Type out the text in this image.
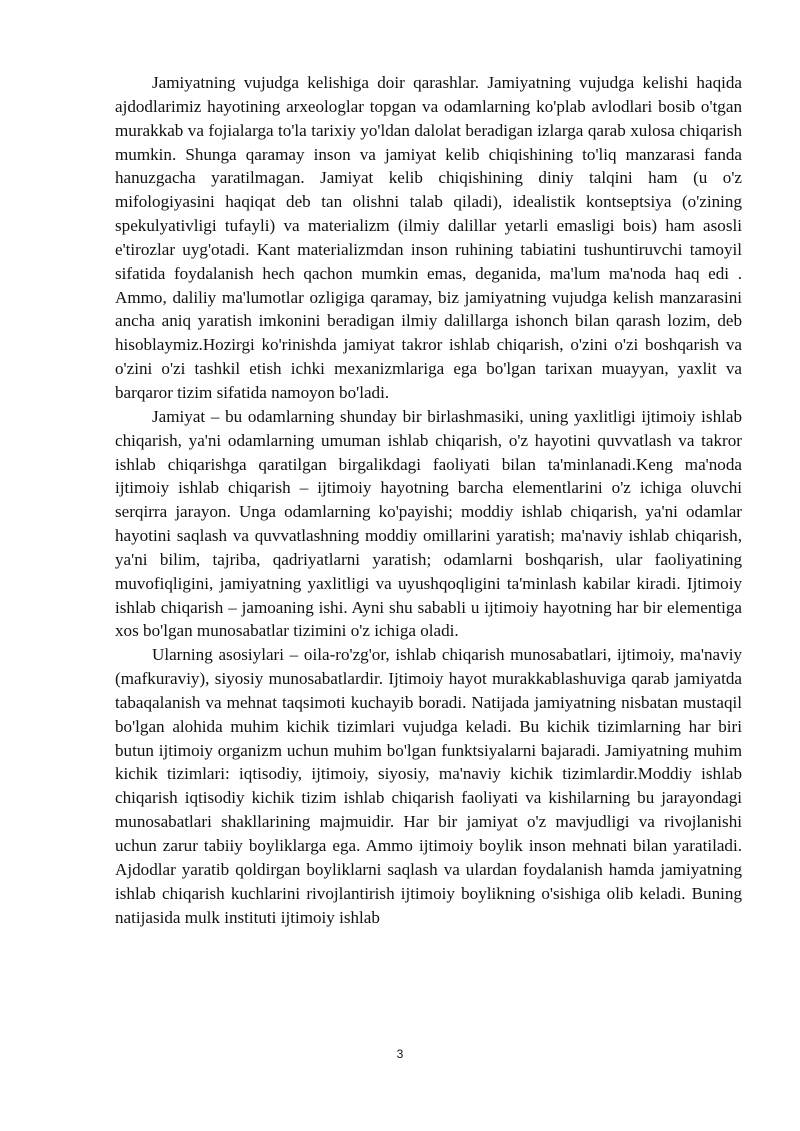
Jamiyatning vujudga kelishiga doir qarashlar. Jamiyatning vujudga kelishi haqida ajdodlarimiz hayotining arxeologlar topgan va odamlarning ko'plab avlodlari bosib o'tgan murakkab va fojialarga to'la tarixiy yo'ldan dalolat beradigan izlarga qarab xulosa chiqarish mumkin. Shunga qaramay inson va jamiyat kelib chiqishining to'liq manzarasi fanda hanuzgacha yaratilmagan. Jamiyat kelib chiqishining diniy talqini ham (u o'z mifologiyasini haqiqat deb tan olishni talab qiladi), idealistik kontseptsiya (o'zining spekulyativligi tufayli) va materializm (ilmiy dalillar yetarli emasligi bois) ham asosli e'tirozlar uyg'otadi. Kant materializmdan inson ruhining tabiatini tushuntiruvchi tamoyil sifatida foydalanish hech qachon mumkin emas, deganida, ma'lum ma'noda haq edi . Ammo, daliliy ma'lumotlar ozligiga qaramay, biz jamiyatning vujudga kelish manzarasini ancha aniq yaratish imkonini beradigan ilmiy dalillarga ishonch bilan qarash lozim, deb hisoblaymiz.Hozirgi ko'rinishda jamiyat takror ishlab chiqarish, o'zini o'zi boshqarish va o'zini o'zi tashkil etish ichki mexanizmlariga ega bo'lgan tarixan muayyan, yaxlit va barqaror tizim sifatida namoyon bo'ladi.

Jamiyat – bu odamlarning shunday bir birlashmasiki, uning yaxlitligi ijtimoiy ishlab chiqarish, ya'ni odamlarning umuman ishlab chiqarish, o'z hayotini quvvatlash va takror ishlab chiqarishga qaratilgan birgalikdagi faoliyati bilan ta'minlanadi.Keng ma'noda ijtimoiy ishlab chiqarish – ijtimoiy hayotning barcha elementlarini o'z ichiga oluvchi serqirra jarayon. Unga odamlarning ko'payishi; moddiy ishlab chiqarish, ya'ni odamlar hayotini saqlash va quvvatlashning moddiy omillarini yaratish; ma'naviy ishlab chiqarish, ya'ni bilim, tajriba, qadriyatlarni yaratish; odamlarni boshqarish, ular faoliyatining muvofiqligini, jamiyatning yaxlitligi va uyushqoqligini ta'minlash kabilar kiradi. Ijtimoiy ishlab chiqarish – jamoaning ishi. Ayni shu sababli u ijtimoiy hayotning har bir elementiga xos bo'lgan munosabatlar tizimini o'z ichiga oladi.

Ularning asosiylari – oila-ro'zg'or, ishlab chiqarish munosabatlari, ijtimoiy, ma'naviy (mafkuraviy), siyosiy munosabatlardir. Ijtimoiy hayot murakkablashuviga qarab jamiyatda tabaqalanish va mehnat taqsimoti kuchayib boradi. Natijada jamiyatning nisbatan mustaqil bo'lgan alohida muhim kichik tizimlari vujudga keladi. Bu kichik tizimlarning har biri butun ijtimoiy organizm uchun muhim bo'lgan funktsiyalarni bajaradi. Jamiyatning muhim kichik tizimlari: iqtisodiy, ijtimoiy, siyosiy, ma'naviy kichik tizimlardir.Moddiy ishlab chiqarish iqtisodiy kichik tizim ishlab chiqarish faoliyati va kishilarning bu jarayondagi munosabatlari shakllarining majmuidir. Har bir jamiyat o'z mavjudligi va rivojlanishi uchun zarur tabiiy boyliklarga ega. Ammo ijtimoiy boylik inson mehnati bilan yaratiladi. Ajdodlar yaratib qoldirgan boyliklarni saqlash va ulardan foydalanish hamda jamiyatning ishlab chiqarish kuchlarini rivojlantirish ijtimoiy boylikning o'sishiga olib keladi. Buning natijasida mulk instituti ijtimoiy ishlab

3
